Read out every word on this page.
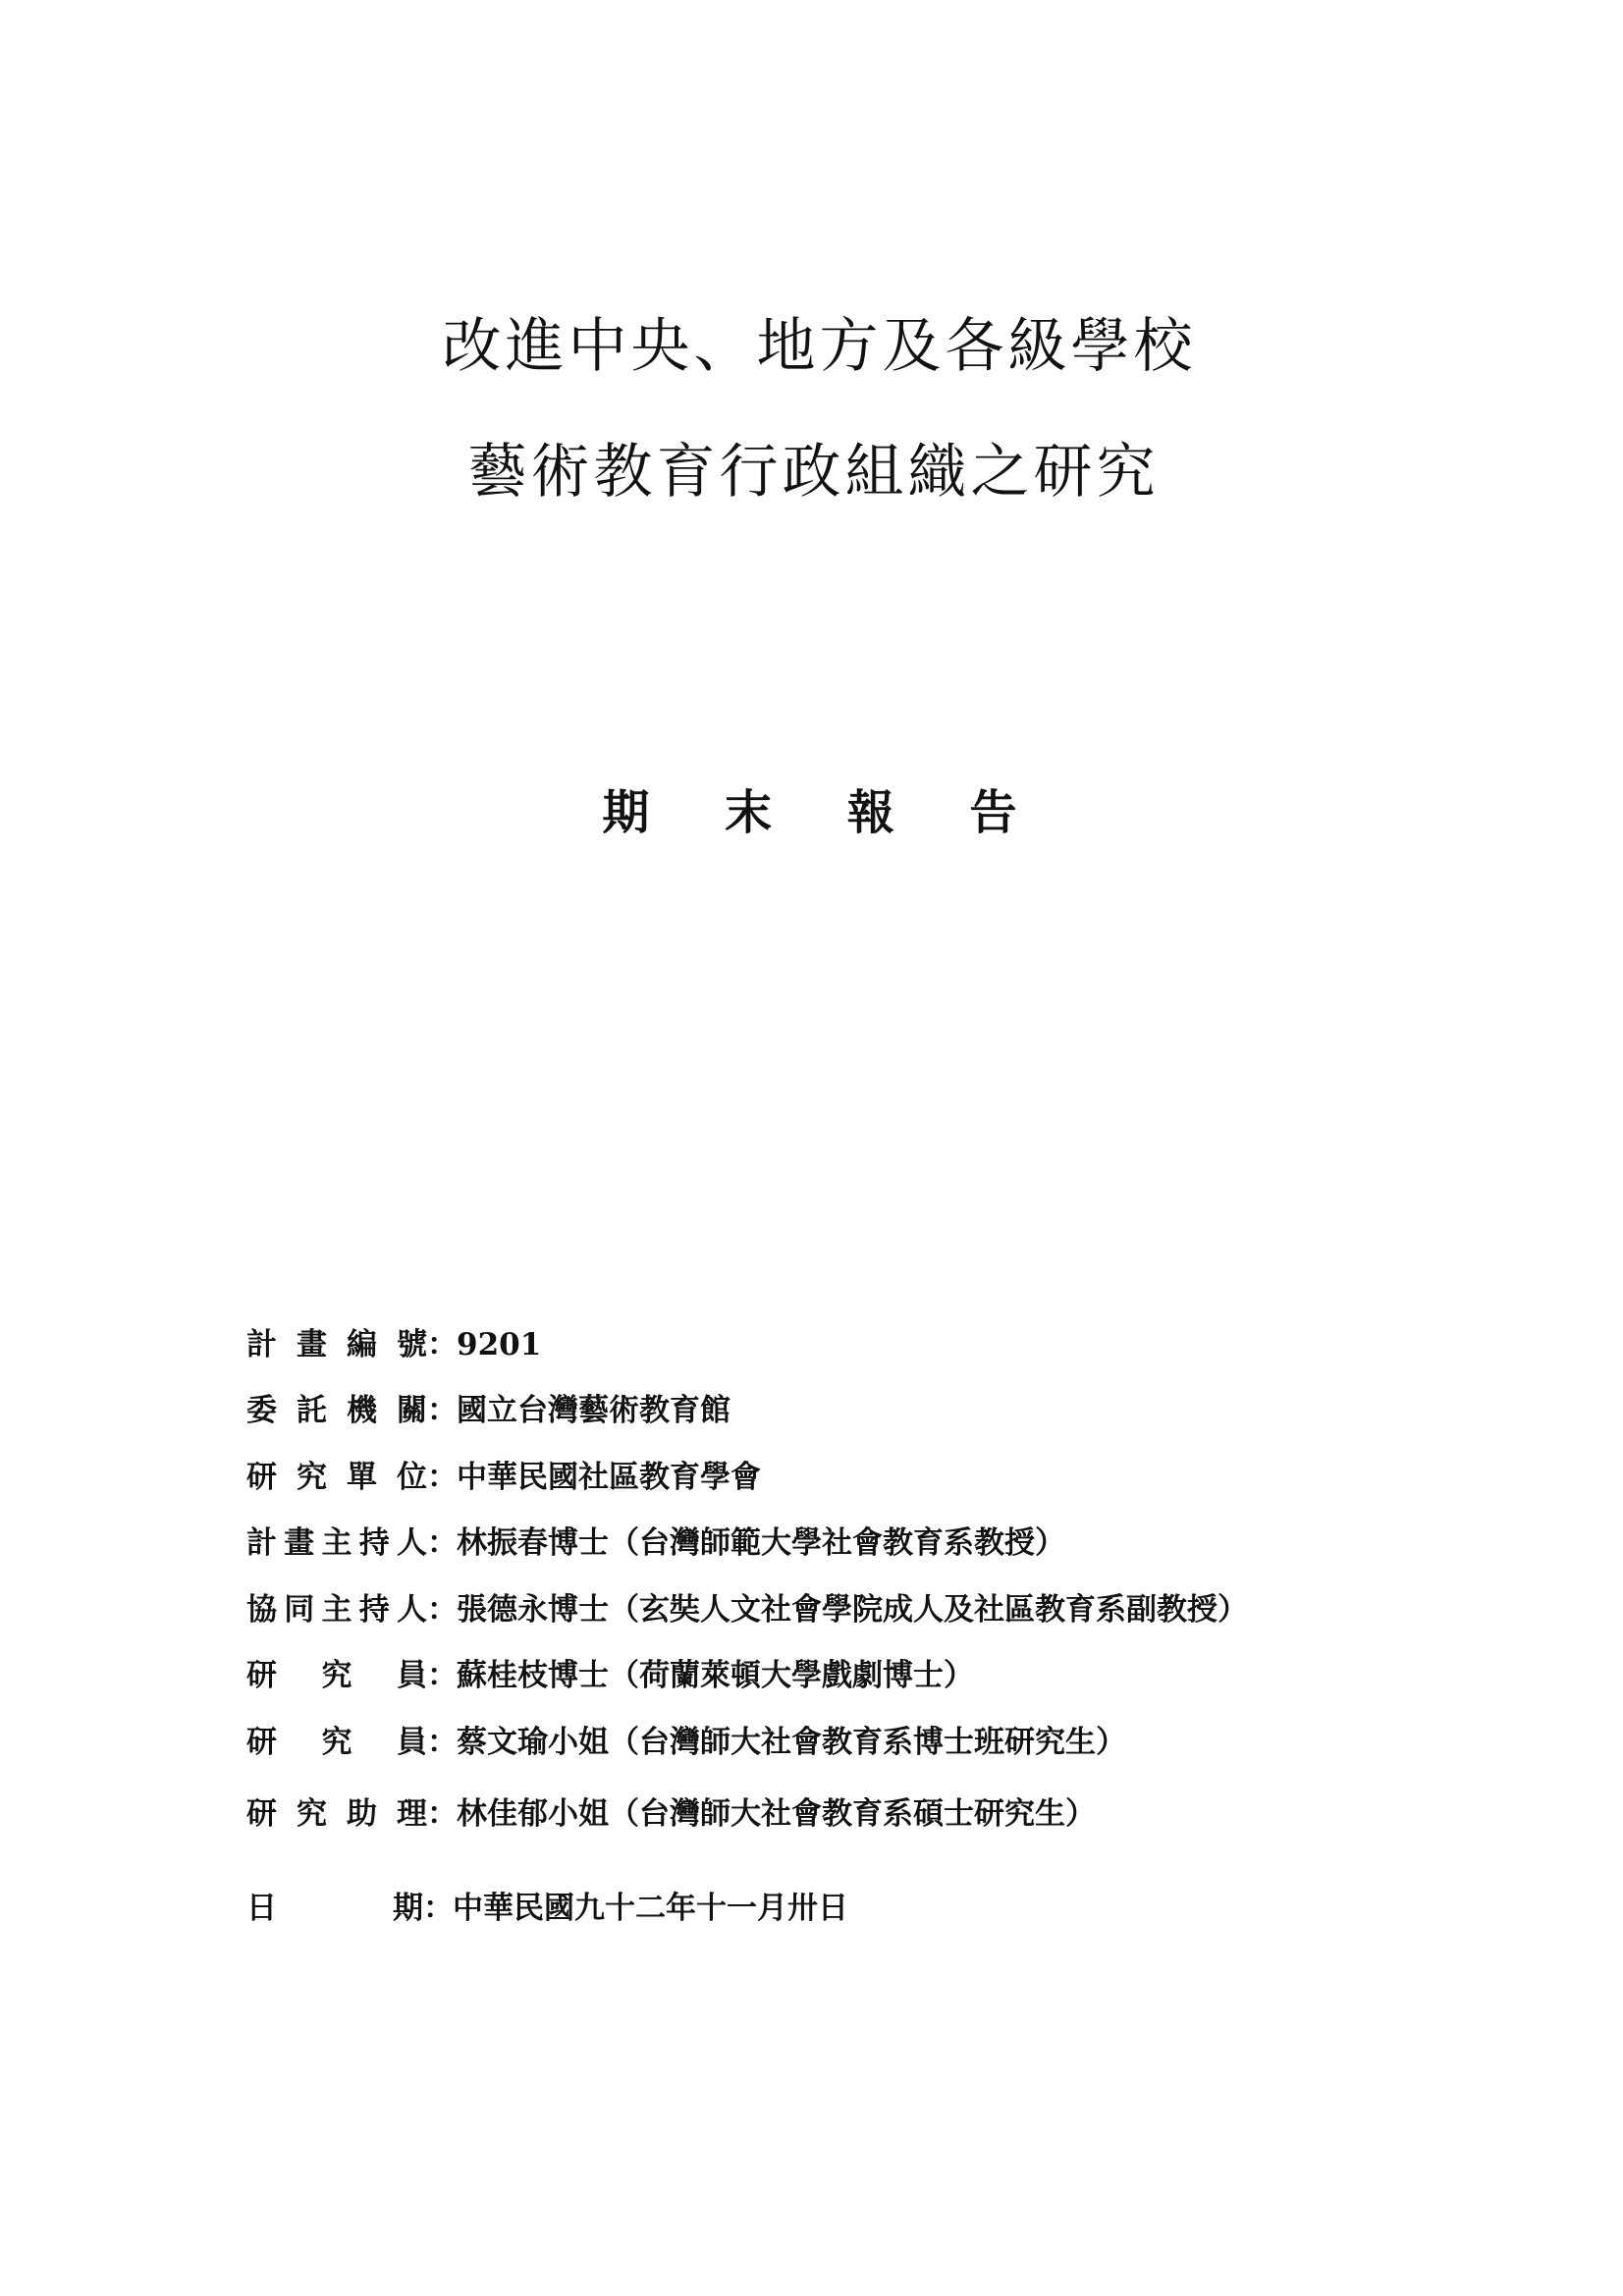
改進中央、地方及各級學校
藝術教育行政組織之研究
期 末 報 告
計畫編號 ： 9201
委託機關 ： 國立台灣藝術教育館
研究單位 ： 中華民國社區教育學會
計畫主持人 ： 林振春博士（台灣師範大學社會教育系教授）
協同主持人 ： 張德永博士（玄奘人文社會學院成人及社區教育系副教授）
研究員 ： 蘇桂枝博士（荷蘭萊頓大學戲劇博士）
研究員 ： 蔡文瑜小姐（台灣師大社會教育系博士班研究生）
研究助理 ： 林佳郁小姐（台灣師大社會教育系碩士研究生）
日期 ： 中華民國九十二年十一月卅日
